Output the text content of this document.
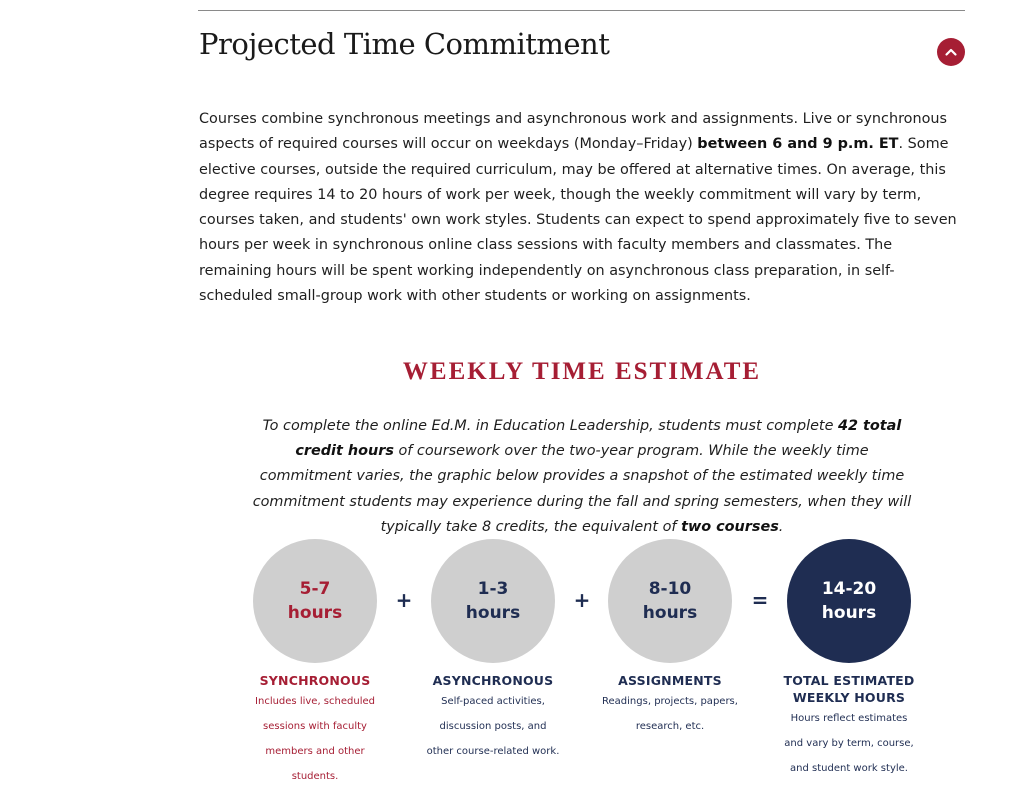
Projected Time Commitment

Courses combine synchronous meetings and asynchronous work and assignments. Live or synchronous aspects of required courses will occur on weekdays (Monday–Friday) between 6 and 9 p.m. ET. Some elective courses, outside the required curriculum, may be offered at alternative times. On average, this degree requires 14 to 20 hours of work per week, though the weekly commitment will vary by term, courses taken, and students' own work styles. Students can expect to spend approximately five to seven hours per week in synchronous online class sessions with faculty members and classmates. The remaining hours will be spent working independently on asynchronous class preparation, in self-scheduled small-group work with other students or working on assignments.

WEEKLY TIME ESTIMATE

To complete the online Ed.M. in Education Leadership, students must complete 42 total credit hours of coursework over the two-year program. While the weekly time commitment varies, the graphic below provides a snapshot of the estimated weekly time commitment students may experience during the fall and spring semesters, when they will typically take 8 credits, the equivalent of two courses.

5-7
hours
+	1-3
hours
+	8-10
hours
=	14-20
hours
SYNCHRONOUS
Includes live, scheduled
sessions with faculty
members and other
students.
ASYNCHRONOUS
Self-paced activities,
discussion posts, and
other course-related work.
ASSIGNMENTS
Readings, projects, papers,
research, etc.
TOTAL ESTIMATED
WEEKLY HOURS
Hours reflect estimates
and vary by term, course,
and student work style.
